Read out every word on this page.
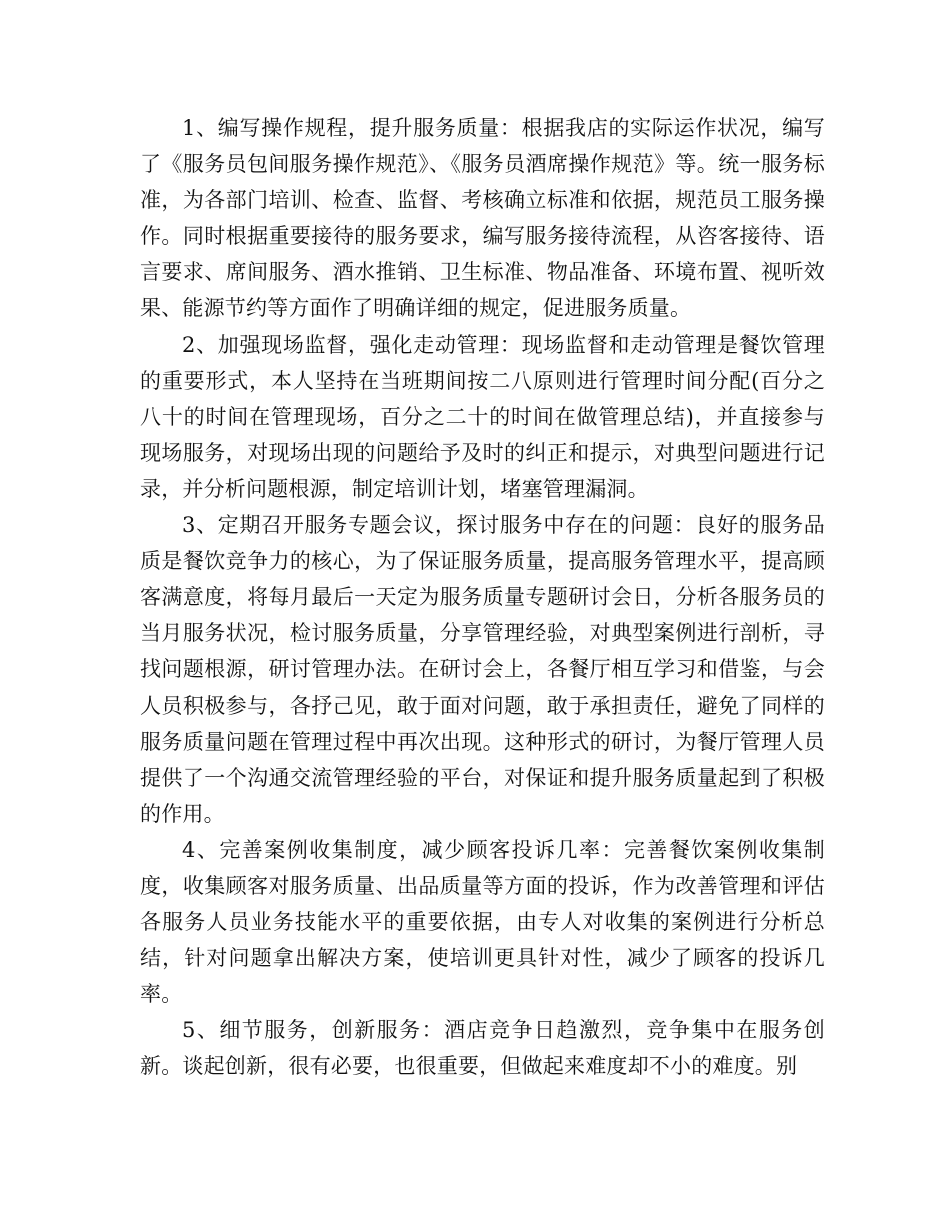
1、编写操作规程，提升服务质量：根据我店的实际运作状况，编写了《服务员包间服务操作规范》、《服务员酒席操作规范》等。统一服务标准，为各部门培训、检查、监督、考核确立标准和依据，规范员工服务操作。同时根据重要接待的服务要求，编写服务接待流程，从咨客接待、语言要求、席间服务、酒水推销、卫生标准、物品准备、环境布置、视听效果、能源节约等方面作了明确详细的规定，促进服务质量。

2、加强现场监督，强化走动管理：现场监督和走动管理是餐饮管理的重要形式，本人坚持在当班期间按二八原则进行管理时间分配(百分之八十的时间在管理现场，百分之二十的时间在做管理总结)，并直接参与现场服务，对现场出现的问题给予及时的纠正和提示，对典型问题进行记录，并分析问题根源，制定培训计划，堵塞管理漏洞。

3、定期召开服务专题会议，探讨服务中存在的问题：良好的服务品质是餐饮竞争力的核心，为了保证服务质量，提高服务管理水平，提高顾客满意度，将每月最后一天定为服务质量专题研讨会日，分析各服务员的当月服务状况，检讨服务质量，分享管理经验，对典型案例进行剖析，寻找问题根源，研讨管理办法。在研讨会上，各餐厅相互学习和借鉴，与会人员积极参与，各抒己见，敢于面对问题，敢于承担责任，避免了同样的服务质量问题在管理过程中再次出现。这种形式的研讨，为餐厅管理人员提供了一个沟通交流管理经验的平台，对保证和提升服务质量起到了积极的作用。

4、完善案例收集制度，减少顾客投诉几率：完善餐饮案例收集制度，收集顾客对服务质量、出品质量等方面的投诉，作为改善管理和评估各服务人员业务技能水平的重要依据，由专人对收集的案例进行分析总结，针对问题拿出解决方案，使培训更具针对性，减少了顾客的投诉几率。

5、细节服务，创新服务：酒店竞争日趋激烈，竞争集中在服务创新。谈起创新，很有必要，也很重要，但做起来难度却不小的难度。别
